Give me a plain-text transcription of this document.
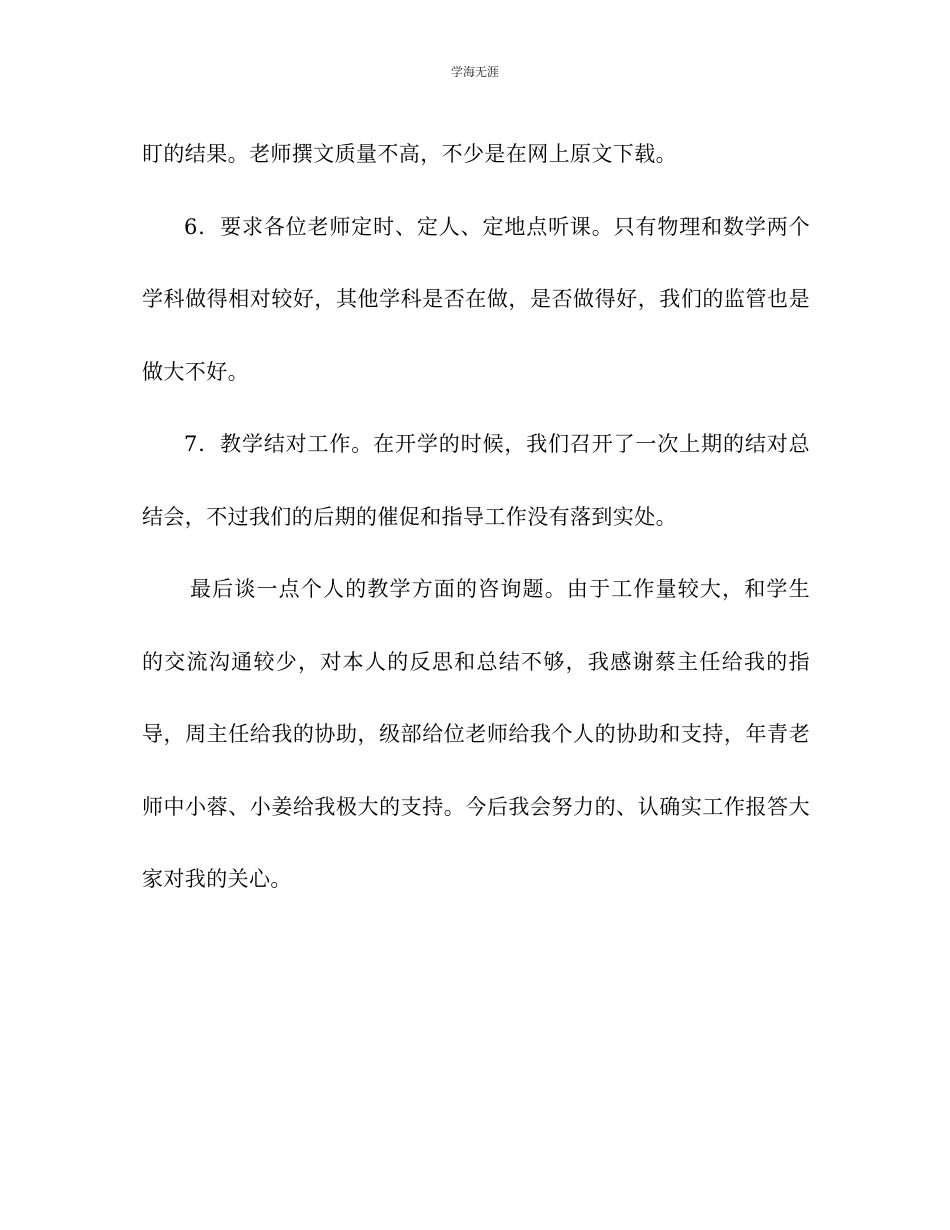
学海无涯

盯的结果。老师撰文质量不高，不少是在网上原文下载。

6．要求各位老师定时、定人、定地点听课。只有物理和数学两个学科做得相对较好，其他学科是否在做，是否做得好，我们的监管也是做大不好。

7．教学结对工作。在开学的时候，我们召开了一次上期的结对总结会，不过我们的后期的催促和指导工作没有落到实处。

最后谈一点个人的教学方面的咨询题。由于工作量较大，和学生的交流沟通较少，对本人的反思和总结不够，我感谢蔡主任给我的指导，周主任给我的协助，级部给位老师给我个人的协助和支持，年青老师中小蓉、小姜给我极大的支持。今后我会努力的、认确实工作报答大家对我的关心。
